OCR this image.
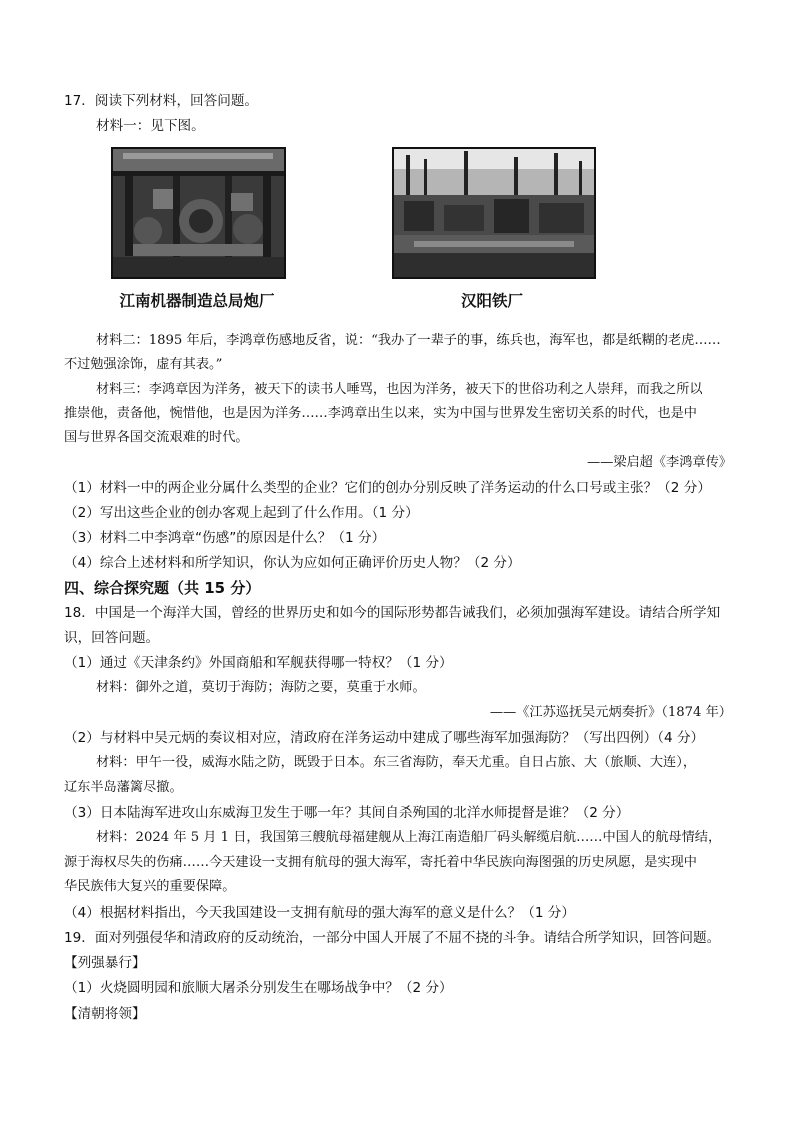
17．阅读下列材料，回答问题。
材料一：见下图。
江南机器制造总局炮厂	汉阳铁厂
材料二：1895 年后，李鸿章伤感地反省，说：“我办了一辈子的事，练兵也，海军也，都是纸糊的老虎……
不过勉强涂饰，虚有其表。”
材料三：李鸿章因为洋务，被天下的读书人唾骂，也因为洋务，被天下的世俗功利之人崇拜，而我之所以
推崇他，责备他，惋惜他，也是因为洋务……李鸿章出生以来，实为中国与世界发生密切关系的时代，也是中
国与世界各国交流艰难的时代。
——梁启超《李鸿章传》
（1）材料一中的两企业分属什么类型的企业？它们的创办分别反映了洋务运动的什么口号或主张？（2 分）
（2）写出这些企业的创办客观上起到了什么作用。（1 分）
（3）材料二中李鸿章“伤感”的原因是什么？（1 分）
（4）综合上述材料和所学知识，你认为应如何正确评价历史人物？（2 分）
四、综合探究题（共 15 分）
18．中国是一个海洋大国，曾经的世界历史和如今的国际形势都告诫我们，必须加强海军建设。请结合所学知
识，回答问题。
（1）通过《天津条约》外国商船和军舰获得哪一特权？（1 分）
材料：御外之道，莫切于海防；海防之要，莫重于水师。
——《江苏巡抚吴元炳奏折》（1874 年）
（2）与材料中吴元炳的奏议相对应，清政府在洋务运动中建成了哪些海军加强海防？（写出四例）（4 分）
材料：甲午一役，威海水陆之防，既毁于日本。东三省海防，奉天尤重。自日占旅、大（旅顺、大连），
辽东半岛藩篱尽撤。
（3）日本陆海军进攻山东威海卫发生于哪一年？其间自杀殉国的北洋水师提督是谁？（2 分）
材料：2024 年 5 月 1 日，我国第三艘航母福建舰从上海江南造船厂码头解缆启航……中国人的航母情结，
源于海权尽失的伤痛……今天建设一支拥有航母的强大海军，寄托着中华民族向海图强的历史夙愿，是实现中
华民族伟大复兴的重要保障。
（4）根据材料指出，今天我国建设一支拥有航母的强大海军的意义是什么？（1 分）
19．面对列强侵华和清政府的反动统治，一部分中国人开展了不屈不挠的斗争。请结合所学知识，回答问题。
【列强暴行】
（1）火烧圆明园和旅顺大屠杀分别发生在哪场战争中？（2 分）
【清朝将领】
